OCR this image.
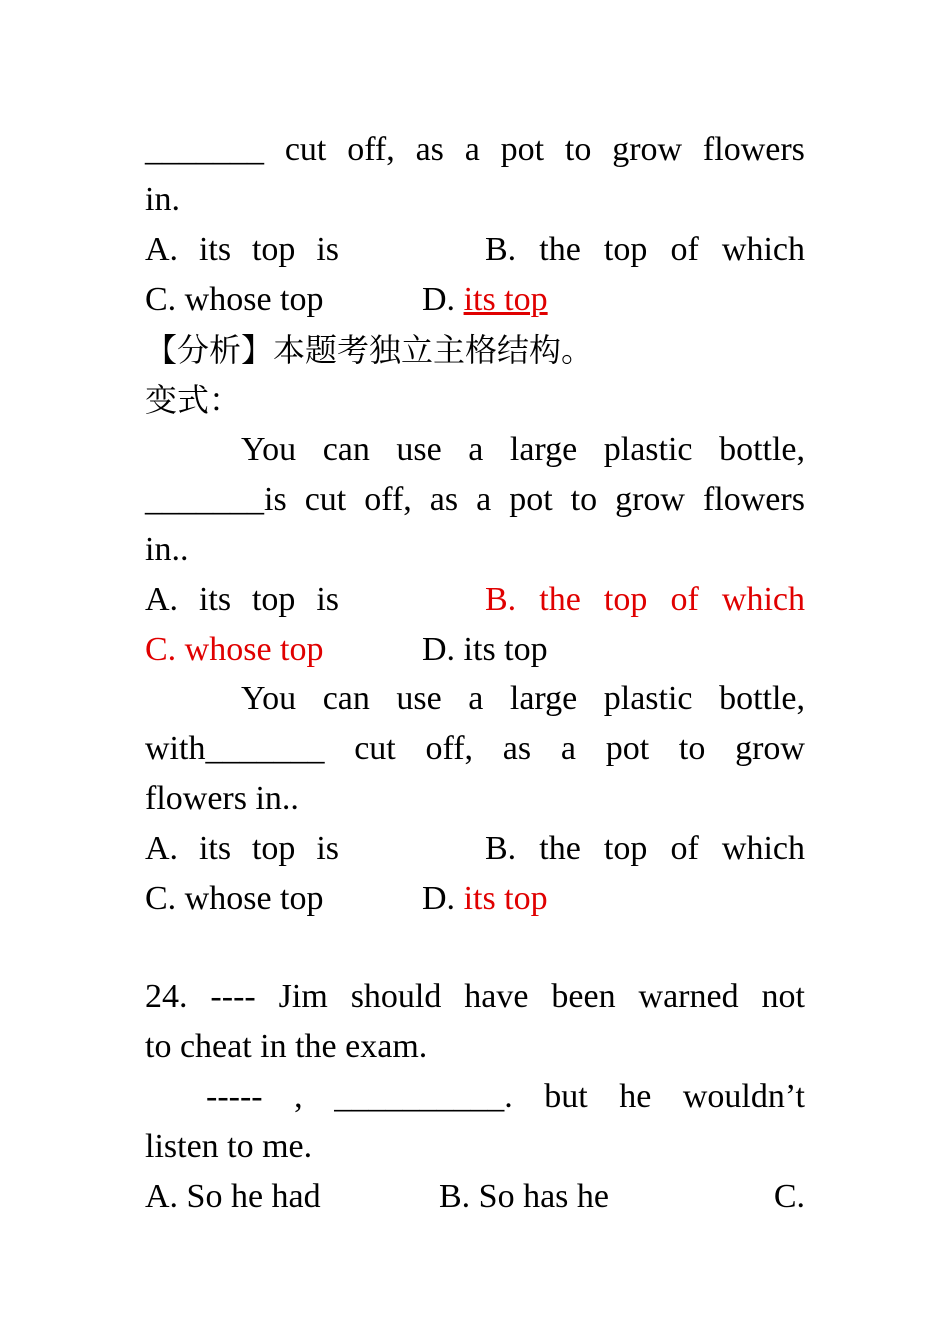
_______ cut off, as a pot to grow flowers
in.
A. its top is	B. the top of which
C. whose top	D. its top
【分析】本题考独立主格结构。
变式：
You can use a large plastic bottle,
_______is cut off, as a pot to grow flowers
in..
A. its top is	B. the top of which
C. whose top	D. its top
You can use a large plastic bottle,
with_______ cut off, as a pot to grow
flowers in..
A. its top is	B. the top of which
C. whose top	D. its top
24. ---- Jim should have been warned not
to cheat in the exam.
----- , __________. but he wouldn’t
listen to me.
A. So he had	B. So has he	C.
